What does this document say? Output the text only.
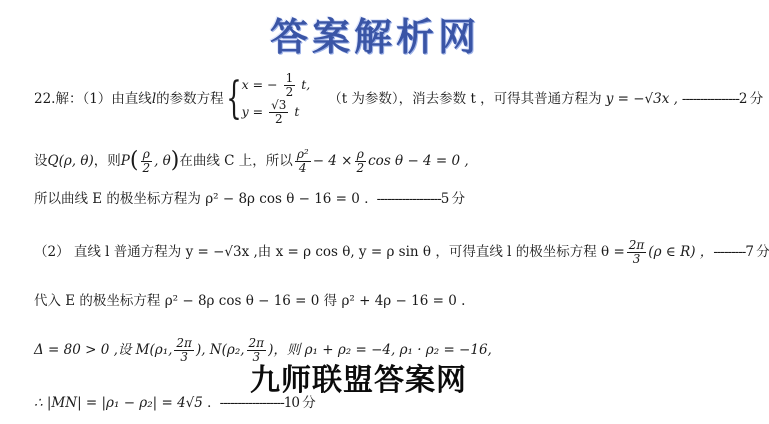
答案解析网
22.解：（1）由直线 l 的参数方程 { x = − $\frac{1}{2} t$,
$y = \frac{√3}{2}$ t
（t 为参数），消去参数 t ，可得其普通方程为 y = −√3x , ----------------2 分
设 Q(ρ, θ) ，则 P ( $\frac{\rho}{2}$ , θ ) 在曲线 C 上，所以 $\frac{\text{ρ²}}{4} - 4 \times \frac{\rho}{2}$ cos θ − 4 = 0 ,
所以曲线 E 的极坐标方程为 ρ² − 8ρ cos θ − 16 = 0 ．------------------5 分
（2） 直线 l 普通方程为 y = −√3x ,由 x = ρ cos θ, y = ρ sin θ ，可得直线 l 的极坐标方程 $\theta = \frac{2\pi}{3} (\rho$ ∈ R) ， ---------7 分
代入 E 的极坐标方程 ρ² − 8ρ cos θ − 16 = 0 得 ρ² + 4ρ − 16 = 0 .
Δ = 80 > 0 ,设 M(ρ₁, $\frac{2\pi}{3}$ ), N(ρ₂, $\frac{2\pi}{3}$ )，则 ρ₁ + ρ₂ = −4, ρ₁ · ρ₂ = −16,
九师联盟答案网
∴ |MN| = |ρ₁ − ρ₂| = 4√5 ．------------------10 分
